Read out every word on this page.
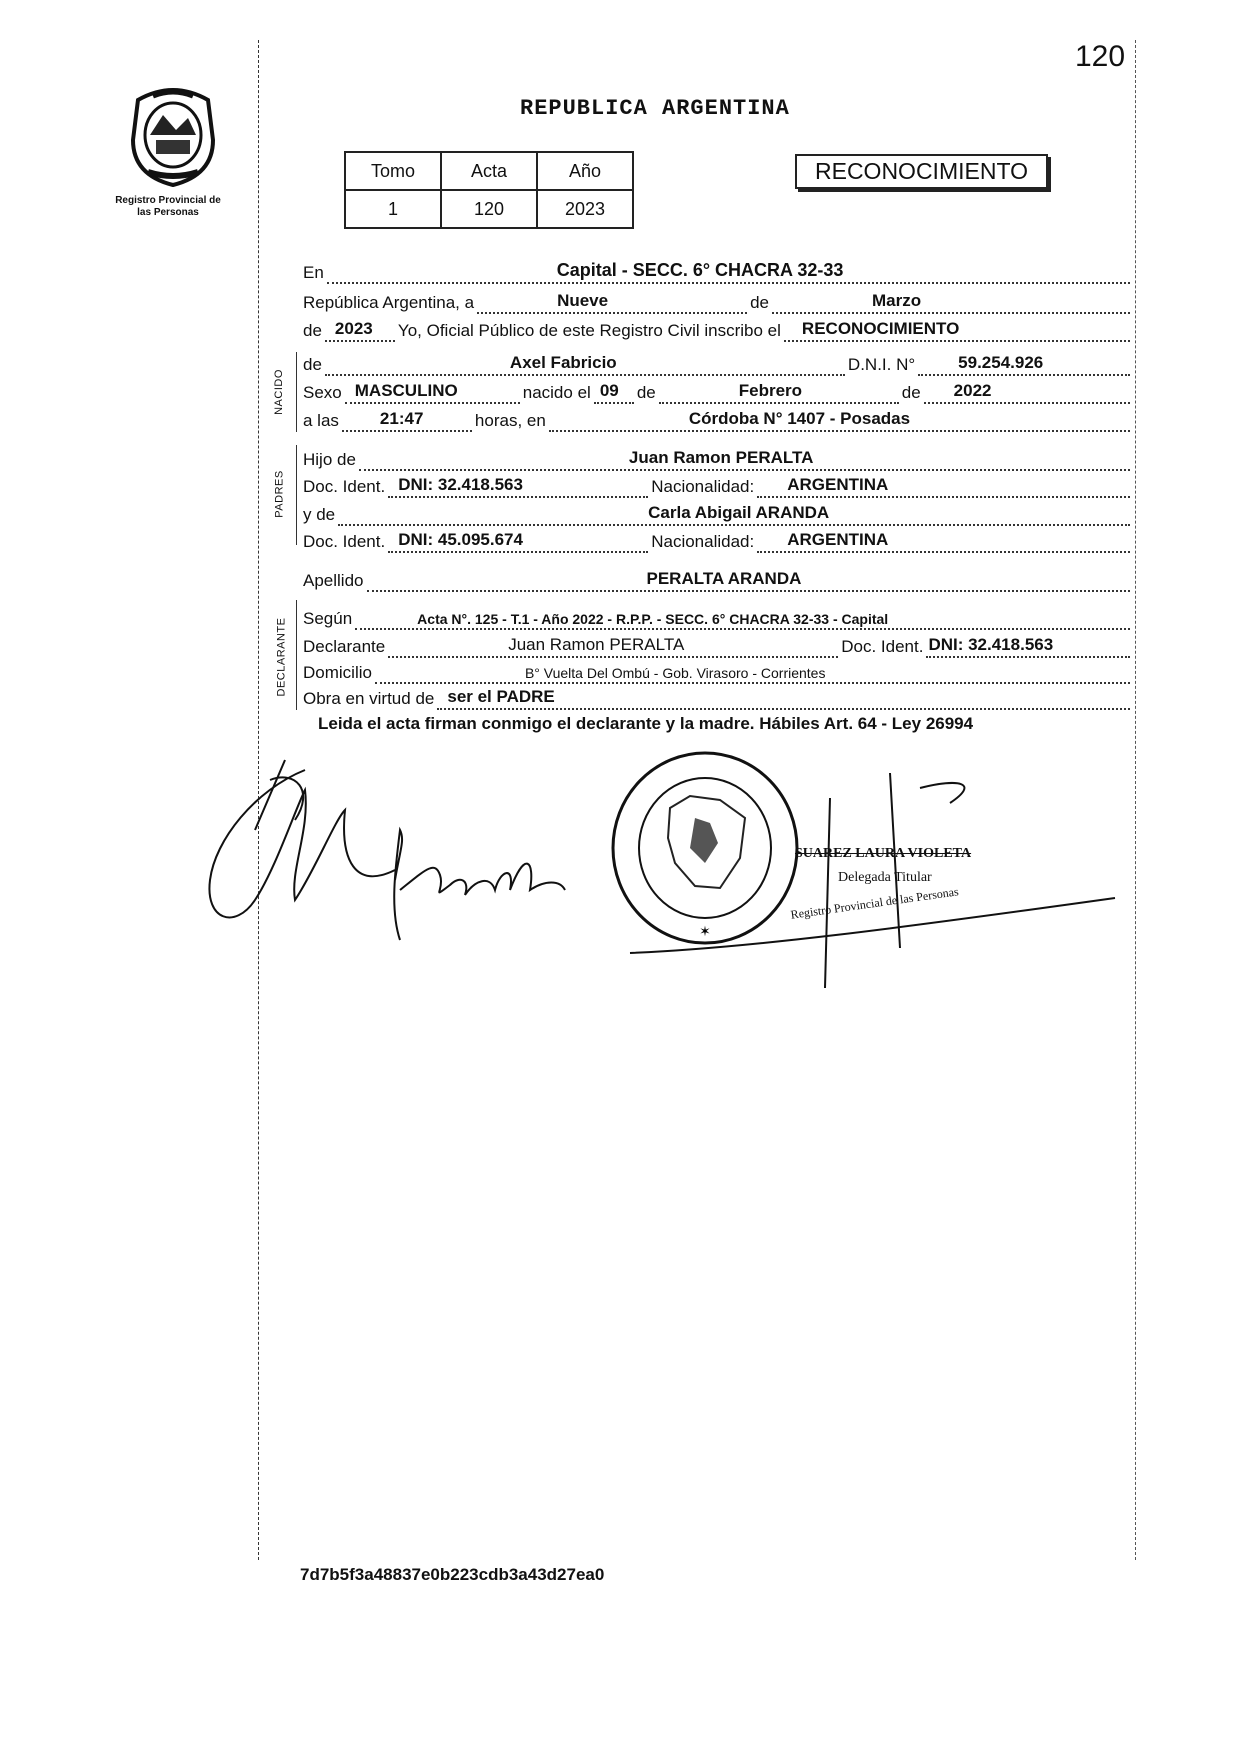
120
Registro Provincial de las Personas
REPUBLICA ARGENTINA
Tomo	Acta	Año
1	120	2023
RECONOCIMIENTO
NACIDO
PADRES
DECLARANTE
En	Capital - SECC. 6° CHACRA 32-33
República Argentina, a	Nueve	de	Marzo
de 2023 Yo, Oficial Público de este Registro Civil inscribo el RECONOCIMIENTO
de	Axel Fabricio	D.N.I. N°	59.254.926
Sexo MASCULINO	nacido el 09 de	Febrero	de 2022
a las 21:47	horas, en	Córdoba N° 1407 - Posadas
Hijo de	Juan Ramon PERALTA
Doc. Ident. DNI: 32.418.563	Nacionalidad: ARGENTINA
y de	Carla Abigail ARANDA
Doc. Ident. DNI: 45.095.674	Nacionalidad: ARGENTINA
Apellido	PERALTA ARANDA
Según	Acta N°. 125 - T.1 - Año 2022 - R.P.P. - SECC. 6° CHACRA 32-33 - Capital
Declarante	Juan Ramon PERALTA	Doc. Ident. DNI: 32.418.563
Domicilio	B° Vuelta Del Ombú - Gob. Virasoro - Corrientes
Obra en virtud de ser el PADRE
Leida el acta firman conmigo el declarante y la madre. Hábiles Art. 64 - Ley 26994
✶
SUAREZ LAURA VIOLETA
Delegada Titular
Registro Provincial de las Personas
7d7b5f3a48837e0b223cdb3a43d27ea0
